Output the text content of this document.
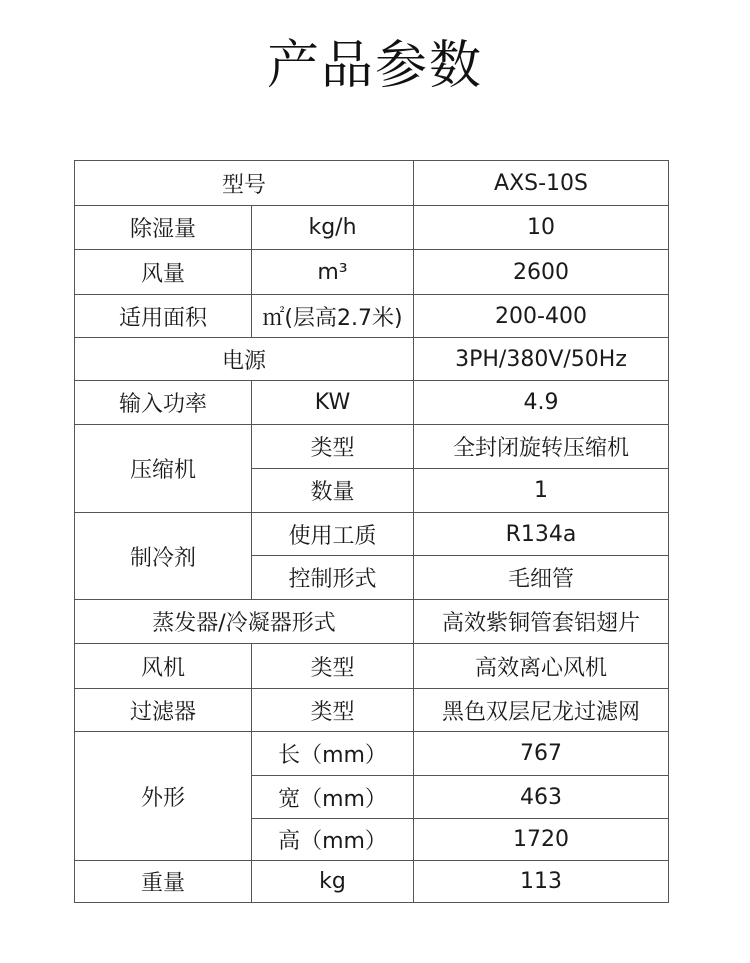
产品参数
型号		AXS-10S
除湿量	kg/h	10
风量	m³	2600
适用面积	㎡(层高2.7米)	200-400
电源		3PH/380V/50Hz
输入功率	KW	4.9
压缩机	类型	全封闭旋转压缩机
	数量	1
制冷剂	使用工质	R134a
	控制形式	毛细管
蒸发器/冷凝器形式		高效紫铜管套铝翅片
风机	类型	高效离心风机
过滤器	类型	黑色双层尼龙过滤网
外形	长（mm）	767
	宽（mm）	463
	高（mm）	1720
重量	kg	113
